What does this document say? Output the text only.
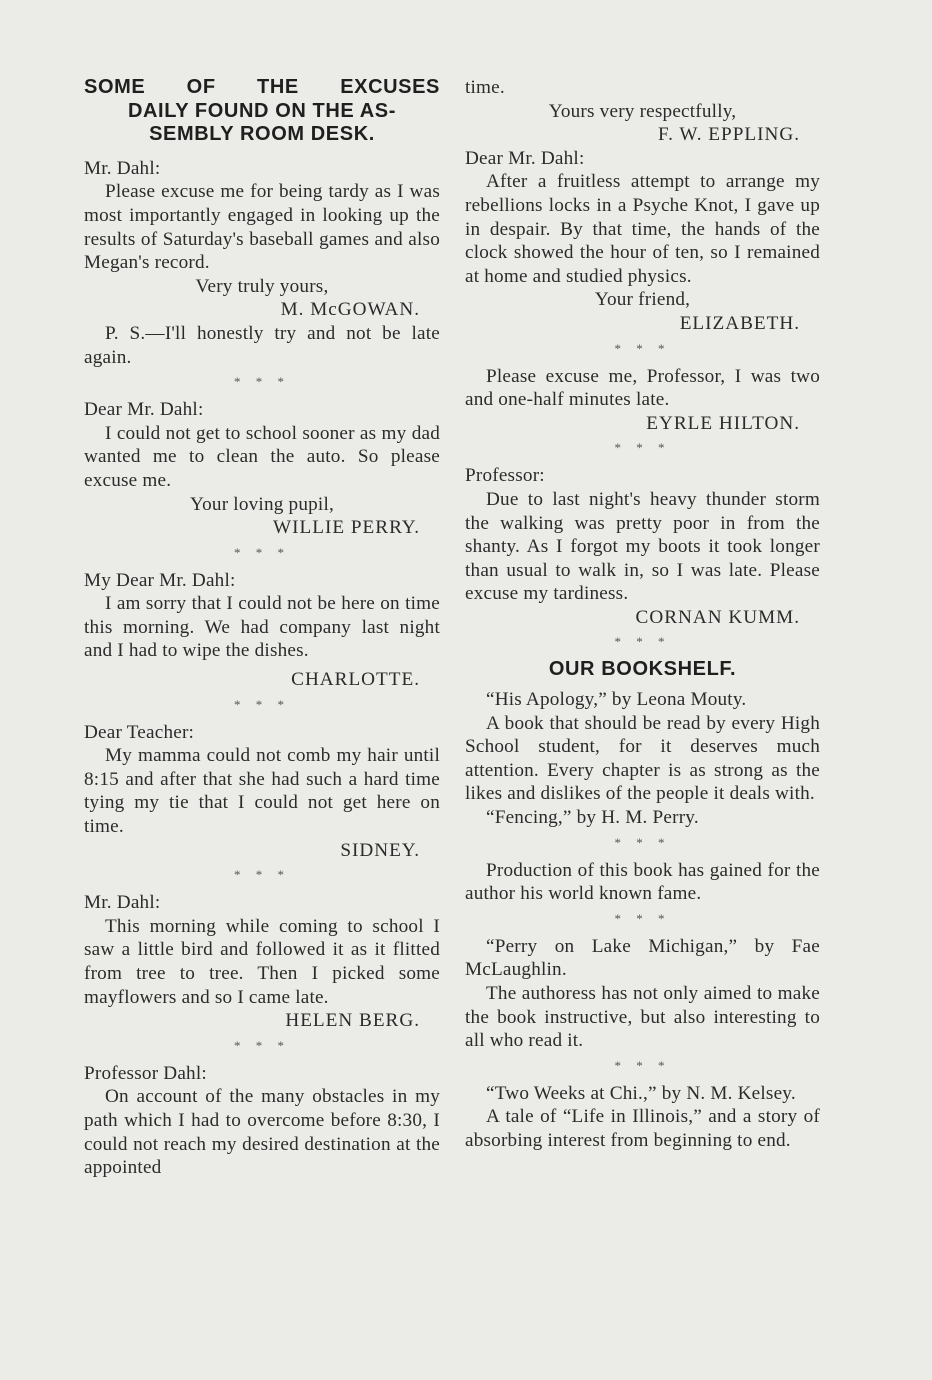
SOME OF THE EXCUSES
DAILY FOUND ON THE AS-
SEMBLY ROOM DESK.

Mr. Dahl:

Please excuse me for being tardy as I was most importantly engaged in looking up the results of Saturday's baseball games and also Megan's record.

Very truly yours,
M. McGOWAN.

P. S.—I'll honestly try and not be late again.

* * *

Dear Mr. Dahl:

I could not get to school sooner as my dad wanted me to clean the auto. So please excuse me.

Your loving pupil,
WILLIE PERRY.
* * *

My Dear Mr. Dahl:

I am sorry that I could not be here on time this morning. We had company last night and I had to wipe the dishes.

CHARLOTTE.
* * *

Dear Teacher:

My mamma could not comb my hair until 8:15 and after that she had such a hard time tying my tie that I could not get here on time.

SIDNEY.
* * *

Mr. Dahl:

This morning while coming to school I saw a little bird and followed it as it flitted from tree to tree. Then I picked some mayflowers and so I came late.

HELEN BERG.
* * *

Professor Dahl:

On account of the many obstacles in my path which I had to overcome before 8:30, I could not reach my desired destination at the appointed

time.

Yours very respectfully,
F. W. EPPLING.

Dear Mr. Dahl:

After a fruitless attempt to arrange my rebellions locks in a Psyche Knot, I gave up in despair. By that time, the hands of the clock showed the hour of ten, so I remained at home and studied physics.

Your friend,
ELIZABETH.
* * *

Please excuse me, Professor, I was two and one-half minutes late.

EYRLE HILTON.
* * *

Professor:

Due to last night's heavy thunder storm the walking was pretty poor in from the shanty. As I forgot my boots it took longer than usual to walk in, so I was late. Please excuse my tardiness.

CORNAN KUMM.
* * *
OUR BOOKSHELF.

“His Apology,” by Leona Mouty.

A book that should be read by every High School student, for it deserves much attention. Every chapter is as strong as the likes and dislikes of the people it deals with.

“Fencing,” by H. M. Perry.

* * *

Production of this book has gained for the author his world known fame.

* * *

“Perry on Lake Michigan,” by Fae McLaughlin.

The authoress has not only aimed to make the book instructive, but also interesting to all who read it.

* * *

“Two Weeks at Chi.,” by N. M. Kelsey.

A tale of “Life in Illinois,” and a story of absorbing interest from beginning to end.
